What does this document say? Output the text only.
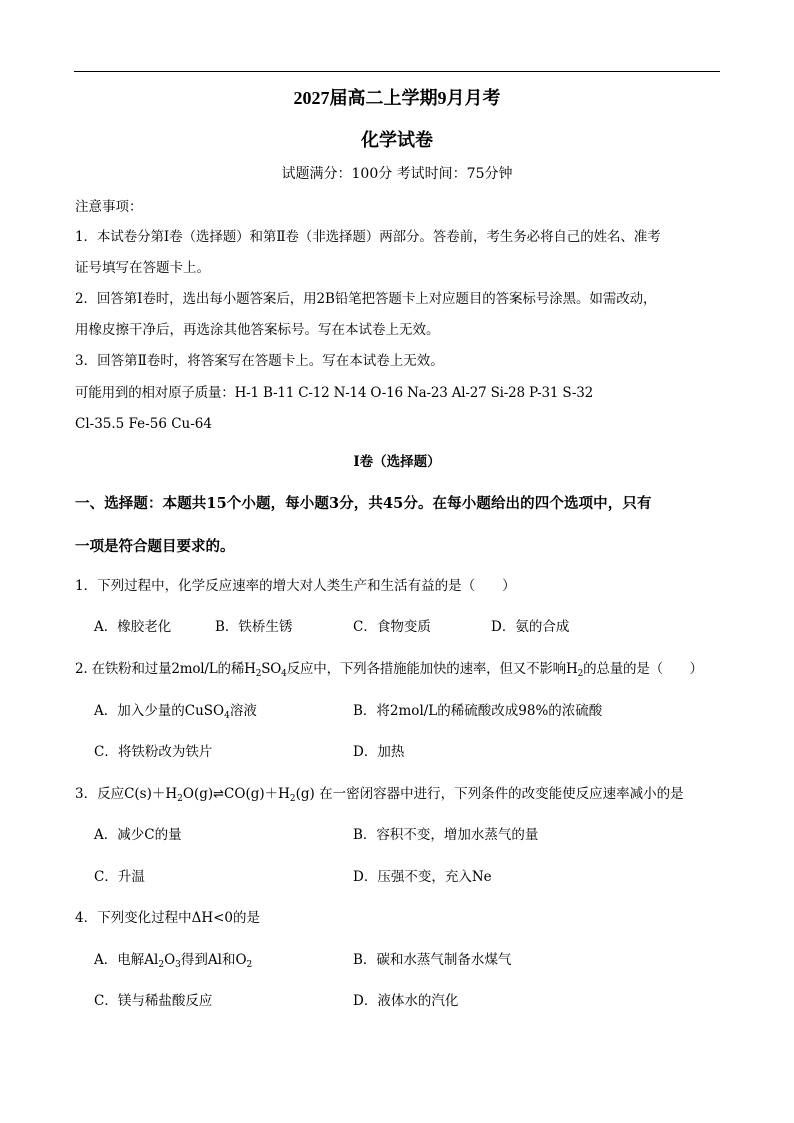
2027届高二上学期9月月考
化学试卷
试题满分：100分 考试时间：75分钟
注意事项：
1．本试卷分第Ⅰ卷（选择题）和第Ⅱ卷（非选择题）两部分。答卷前，考生务必将自己的姓名、准考
证号填写在答题卡上。
2．回答第Ⅰ卷时，选出每小题答案后，用2B铅笔把答题卡上对应题目的答案标号涂黑。如需改动，
用橡皮擦干净后，再选涂其他答案标号。写在本试卷上无效。
3．回答第Ⅱ卷时，将答案写在答题卡上。写在本试卷上无效。
可能用到的相对原子质量：H-1 B-11 C-12 N-14 O-16 Na-23 Al-27 Si-28 P-31 S-32
Cl-35.5 Fe-56 Cu-64
Ⅰ卷（选择题）
一、选择题：本题共15个小题，每小题3分，共45分。在每小题给出的四个选项中，只有
一项是符合题目要求的。
1．下列过程中，化学反应速率的增大对人类生产和生活有益的是（　　）
A．橡胶老化	B．铁桥生锈	C．食物变质	D．氨的合成
2. 在铁粉和过量2mol/L的稀$H_2SO_4$反应中，下列各措施能加快的速率，但又不影响$H_2$的总量的是（　　）
A．加入少量的CuSO$_4$溶液	B．将2mol/L的稀硫酸改成98%的浓硫酸
C．将铁粉改为铁片	D．加热
3．反应$C(s)+H_2O(g)\rightleftharpoons CO(g)+H_2(g)$ 在一密闭容器中进行，下列条件的改变能使反应速率减小的是
A．减少C的量	B．容积不变，增加水蒸气的量
C．升温	D．压强不变，充入Ne
4．下列变化过程中ΔH<0的是
A．电解$Al_2O_3$得到Al和$O_2$	B．碳和水蒸气制备水煤气
C．镁与稀盐酸反应	D．液体水的汽化
